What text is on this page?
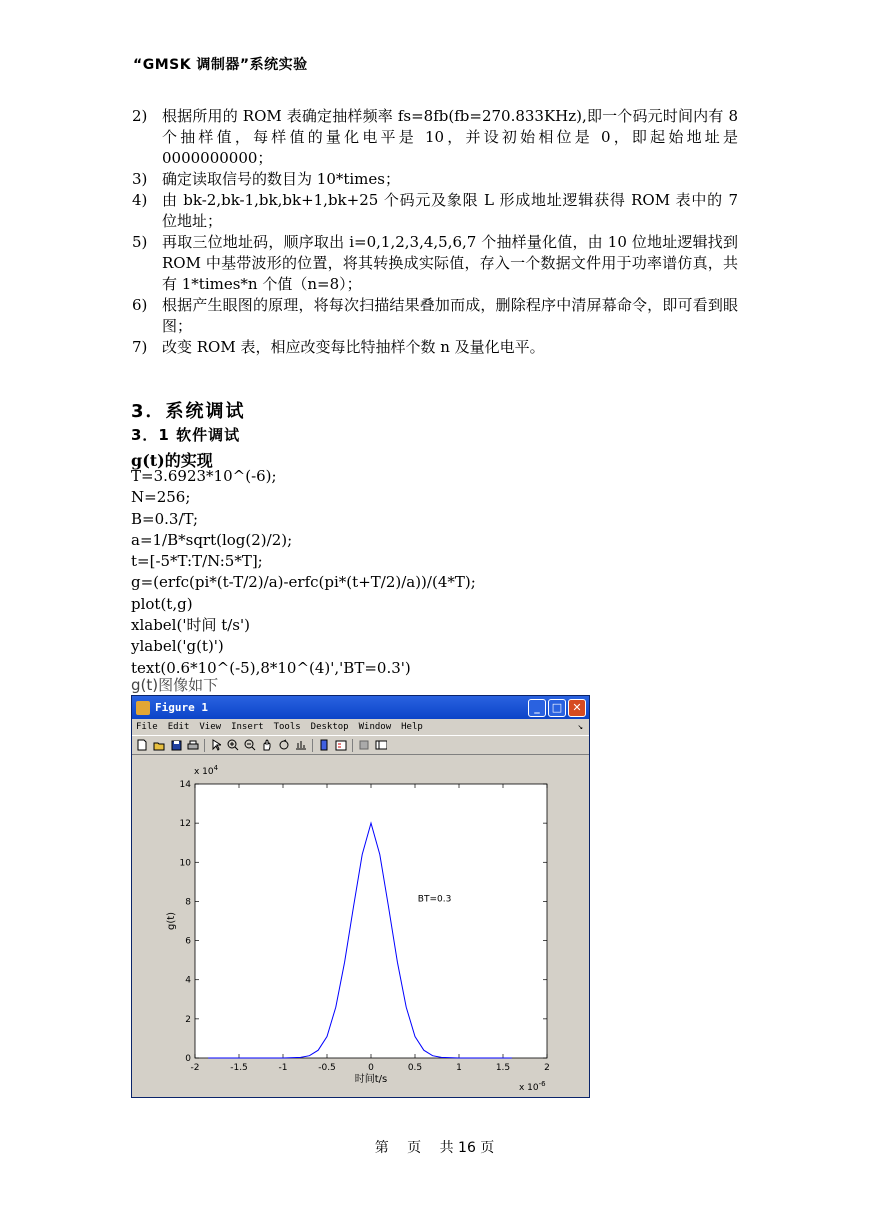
“GMSK 调制器”系统实验
2) 根据所用的 ROM 表确定抽样频率 fs=8fb(fb=270.833KHz),即一个码元时间内有 8 个抽样值，每样值的量化电平是 10，并设初始相位是 0，即起始地址是 0000000000；
3) 确定读取信号的数目为 10*times；
4) 由 bk-2,bk-1,bk,bk+1,bk+25 个码元及象限 L 形成地址逻辑获得 ROM 表中的 7 位地址；
5) 再取三位地址码，顺序取出 i=0,1,2,3,4,5,6,7 个抽样量化值，由 10 位地址逻辑找到 ROM 中基带波形的位置，将其转换成实际值，存入一个数据文件用于功率谱仿真，共有 1*times*n 个值（n=8）；
6) 根据产生眼图的原理，将每次扫描结果叠加而成，删除程序中清屏幕命令，即可看到眼图；
7) 改变 ROM 表，相应改变每比特抽样个数 n 及量化电平。
3．系统调试
3．1 软件调试
g(t)的实现
T=3.6923*10^(-6);
N=256;
B=0.3/T;
a=1/B*sqrt(log(2)/2);
t=[-5*T:T/N:5*T];
g=(erfc(pi*(t-T/2)/a)-erfc(pi*(t+T/2)/a))/(4*T);
plot(t,g)
xlabel('时间 t/s')
ylabel('g(t)')
text(0.6*10^(-5),8*10^(4)','BT=0.3')
g(t)图像如下
Figure 1	_	□ ✕
File Edit View Insert Tools Desktop Window Help	↘
x $10^4$
x $10^{-6}$
时间t/s
g(t)
-2	-1.5	-1	-0.5	0	0.5	1	1.5	2
0
2
4
6
8
10
12
14
BT=0.3
第 页 共 16 页
